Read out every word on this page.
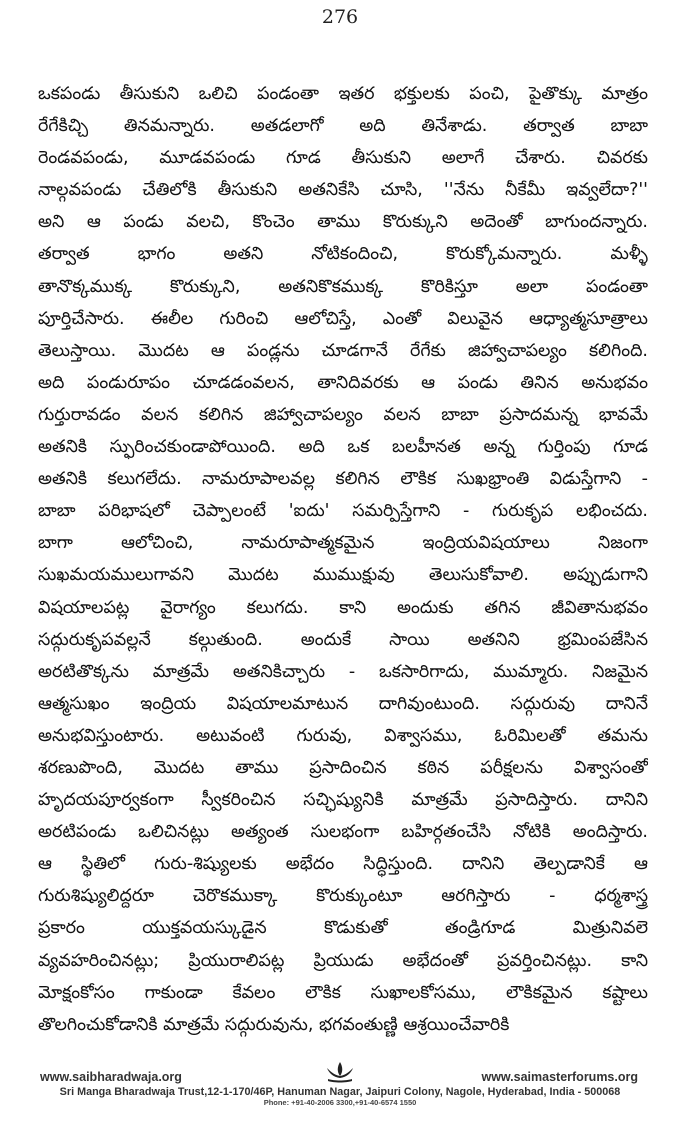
276
ఒకపండు తీసుకుని ఒలిచి పండంతా ఇతర భక్తులకు పంచి, పైతొక్కు మాత్రం
రేగేకిచ్చి తినమన్నారు. అతడలాగో అది తినేశాడు. తర్వాత బాబా
రెండవపండు, మూడవపండు గూడ తీసుకుని అలాగే చేశారు. చివరకు
నాల్గవపండు చేతిలోకి తీసుకుని అతనికేసి చూసి, ''నేను నీకేమీ ఇవ్వలేదా?''
అని ఆ పండు వలచి, కొంచెం తాము కొరుక్కుని అదెంతో బాగుందన్నారు.
తర్వాత భాగం అతని నోటికందించి, కొరుక్కోమన్నారు. మళ్ళీ
తానొక్కముక్క కొరుక్కుని, అతనికొకముక్క కొరికిస్తూ అలా పండంతా
పూర్తిచేసారు. ఈలీల గురించి ఆలోచిస్తే, ఎంతో విలువైన ఆధ్యాత్మసూత్రాలు
తెలుస్తాయి. మొదట ఆ పండ్లను చూడగానే రేగేకు జిహ్వాచాపల్యం కలిగింది.
అది పండురూపం చూడడంవలన, తానిదివరకు ఆ పండు తినిన అనుభవం
గుర్తురావడం వలన కలిగిన జిహ్వాచాపల్యం వలన బాబా ప్రసాదమన్న భావమే
అతనికి స్ఫురించకుండాపోయింది. అది ఒక బలహీనత అన్న గుర్తింపు గూడ
అతనికి కలుగలేదు. నామరూపాలవల్ల కలిగిన లౌకిక సుఖభ్రాంతి విడుస్తేగాని -
బాబా పరిభాషలో చెప్పాలంటే 'ఐదు' సమర్పిస్తేగాని - గురుకృప లభించదు.
బాగా ఆలోచించి, నామరూపాత్మకమైన ఇంద్రియవిషయాలు నిజంగా
సుఖమయములుగావని మొదట ముముక్షువు తెలుసుకోవాలి. అప్పుడుగాని
విషయాలపట్ల వైరాగ్యం కలుగదు. కాని అందుకు తగిన జీవితానుభవం
సద్గురుకృపవల్లనే కల్గుతుంది. అందుకే సాయి అతనిని భ్రమింపజేసిన
అరటితొక్కను మాత్రమే అతనికిచ్చారు - ఒకసారిగాదు, ముమ్మారు. నిజమైన
ఆత్మసుఖం ఇంద్రియ విషయాలమాటున దాగివుంటుంది. సద్గురువు దానినే
అనుభవిస్తుంటారు. అటువంటి గురువు, విశ్వాసము, ఓరిమిలతో తమను
శరణుపొంది, మొదట తాము ప్రసాదించిన కఠిన పరీక్షలను విశ్వాసంతో
హృదయపూర్వకంగా స్వీకరించిన సచ్ఛిష్యునికి మాత్రమే ప్రసాదిస్తారు. దానిని
అరటిపండు ఒలిచినట్లు అత్యంత సులభంగా బహిర్గతంచేసి నోటికి అందిస్తారు.
ఆ స్థితిలో గురు-శిష్యులకు అభేదం సిద్ధిస్తుంది. దానిని తెల్పడానికే ఆ
గురుశిష్యులిద్దరూ చెరొకముక్కా కొరుక్కుంటూ ఆరగిస్తారు - ధర్మశాస్త్ర
ప్రకారం యుక్తవయస్కుడైన కొడుకుతో తండ్రిగూడ మిత్రునివలె
వ్యవహరించినట్లు; ప్రియురాలిపట్ల ప్రియుడు అభేదంతో ప్రవర్తించినట్లు. కాని
మోక్షంకోసం గాకుండా కేవలం లౌకిక సుఖాలకోసము, లౌకికమైన కష్టాలు
తొలగించుకోడానికి మాత్రమే సద్గురువును, భగవంతుణ్ణి ఆశ్రయించేవారికి
www.saibharadwaja.org	www.saimasterforums.org
Sri Manga Bharadwaja Trust,12-1-170/46P, Hanuman Nagar, Jaipuri Colony, Nagole, Hyderabad, India - 500068
Phone: +91-40-2006 3300,+91-40-6574 1550
